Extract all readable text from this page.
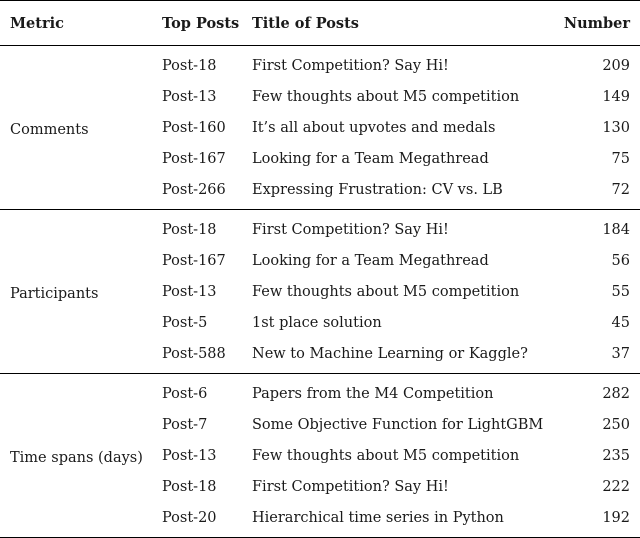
Metric	Top Posts	Title of Posts	Number
Comments	Post-18	First Competition? Say Hi!	209
	Post-13	Few thoughts about M5 competition	149
	Post-160	It’s all about upvotes and medals	130
	Post-167	Looking for a Team Megathread	75
	Post-266	Expressing Frustration: CV vs. LB	72
Participants	Post-18	First Competition? Say Hi!	184
	Post-167	Looking for a Team Megathread	56
	Post-13	Few thoughts about M5 competition	55
	Post-5	1st place solution	45
	Post-588	New to Machine Learning or Kaggle?	37
Time spans (days)	Post-6	Papers from the M4 Competition	282
	Post-7	Some Objective Function for LightGBM	250
	Post-13	Few thoughts about M5 competition	235
	Post-18	First Competition? Say Hi!	222
	Post-20	Hierarchical time series in Python	192
